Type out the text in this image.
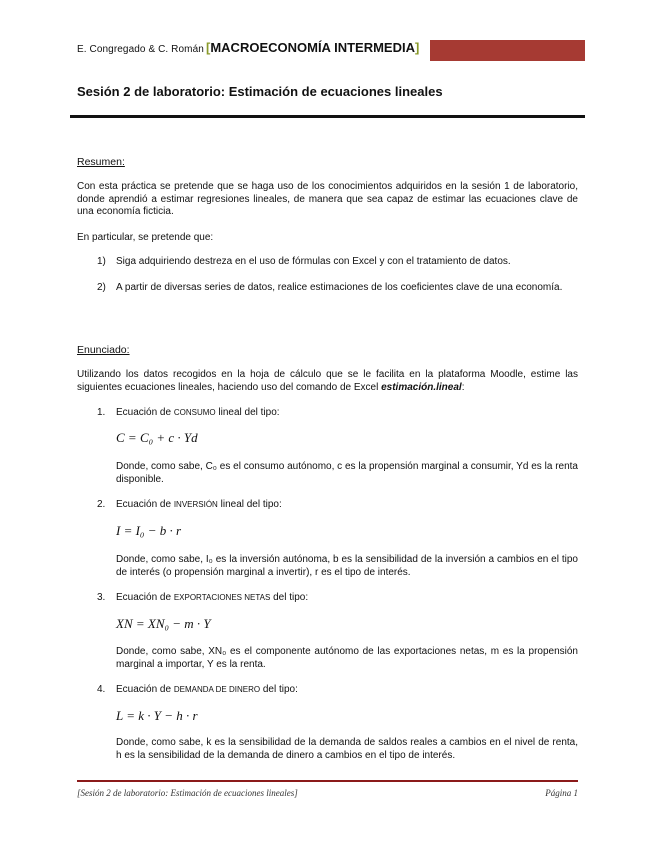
E. Congregado & C. Román [MACROECONOMÍA INTERMEDIA]
Sesión 2 de laboratorio: Estimación de ecuaciones lineales
Resumen:
Con esta práctica se pretende que se haga uso de los conocimientos adquiridos en la sesión 1 de laboratorio, donde aprendió a estimar regresiones lineales, de manera que sea capaz de estimar las ecuaciones clave de una economía ficticia.
En particular, se pretende que:
1) Siga adquiriendo destreza en el uso de fórmulas con Excel y con el tratamiento de datos.
2) A partir de diversas series de datos, realice estimaciones de los coeficientes clave de una economía.
Enunciado:
Utilizando los datos recogidos en la hoja de cálculo que se le facilita en la plataforma Moodle, estime las siguientes ecuaciones lineales, haciendo uso del comando de Excel estimación.lineal:
1. Ecuación de CONSUMO lineal del tipo:
C = C₀ + c · Yd
Donde, como sabe, C₀ es el consumo autónomo, c es la propensión marginal a consumir, Yd es la renta disponible.
2. Ecuación de INVERSIÓN lineal del tipo:
I = I₀ − b · r
Donde, como sabe, I₀ es la inversión autónoma, b es la sensibilidad de la inversión a cambios en el tipo de interés (o propensión marginal a invertir), r es el tipo de interés.
3. Ecuación de EXPORTACIONES NETAS del tipo:
XN = XN₀ − m · Y
Donde, como sabe, XN₀ es el componente autónomo de las exportaciones netas, m es la propensión marginal a importar, Y es la renta.
4. Ecuación de DEMANDA DE DINERO del tipo:
L = k · Y − h · r
Donde, como sabe, k es la sensibilidad de la demanda de saldos reales a cambios en el nivel de renta, h es la sensibilidad de la demanda de dinero a cambios en el tipo de interés.
[Sesión 2 de laboratorio: Estimación de ecuaciones lineales]	Página 1
